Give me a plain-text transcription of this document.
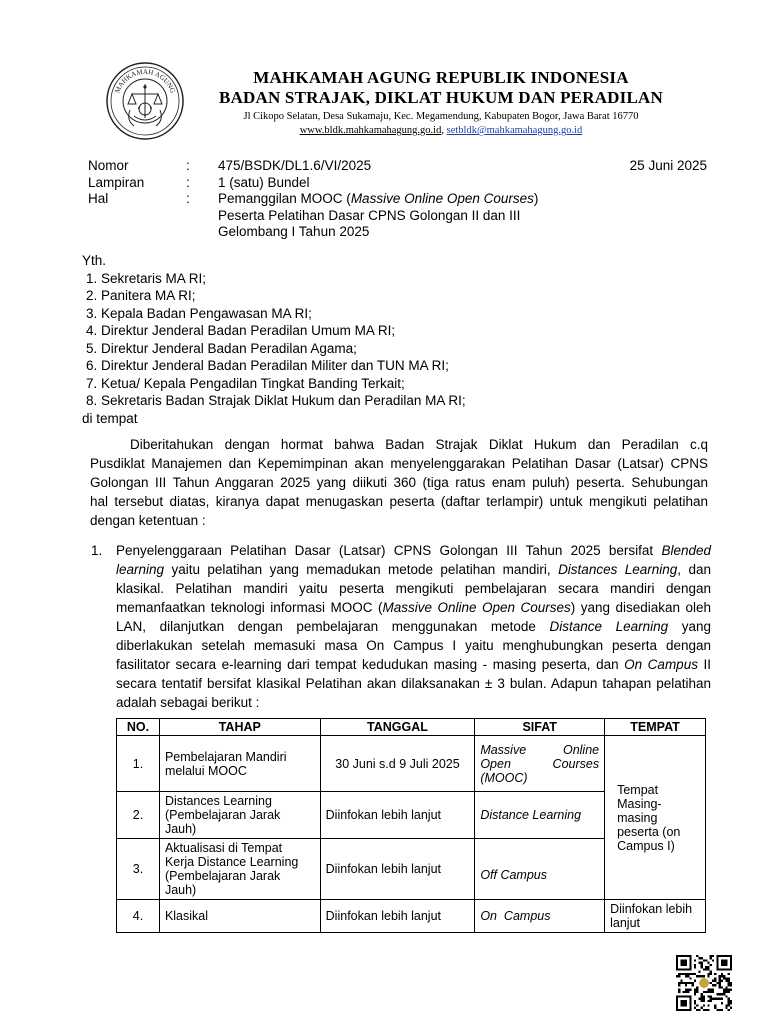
MAHKAMAH AGUNG
MAHKAMAH AGUNG REPUBLIK INDONESIA
BADAN STRAJAK, DIKLAT HUKUM DAN PERADILAN
Jl Cikopo Selatan, Desa Sukamaju, Kec. Megamendung, Kabupaten Bogor, Jawa Barat 16770
www.bldk.mahkamahagung.go.id, setbldk@mahkamahagung.go.id
Nomor	: 475/BSDK/DL1.6/VI/2025
Lampiran	: 1 (satu) Bundel
Hal	: Pemanggilan MOOC (Massive Online Open Courses)
Peserta Pelatihan Dasar CPNS Golongan II dan III
Gelombang I Tahun 2025
25 Juni 2025
Yth.
1. Sekretaris MA RI;
2. Panitera MA RI;
3. Kepala Badan Pengawasan MA RI;
4. Direktur Jenderal Badan Peradilan Umum MA RI;
5. Direktur Jenderal Badan Peradilan Agama;
6. Direktur Jenderal Badan Peradilan Militer dan TUN MA RI;
7. Ketua/ Kepala Pengadilan Tingkat Banding Terkait;
8. Sekretaris Badan Strajak Diklat Hukum dan Peradilan MA RI;
di tempat
Diberitahukan dengan hormat bahwa Badan Strajak Diklat Hukum dan Peradilan c.q
Pusdiklat Manajemen dan Kepemimpinan akan menyelenggarakan Pelatihan Dasar (Latsar) CPNS
Golongan III Tahun Anggaran 2025 yang diikuti 360 (tiga ratus enam puluh) peserta. Sehubungan
hal tersebut diatas, kiranya dapat menugaskan peserta (daftar terlampir) untuk mengikuti pelatihan
dengan ketentuan :
1. Penyelenggaraan Pelatihan Dasar (Latsar) CPNS Golongan III Tahun 2025 bersifat Blended
learning yaitu pelatihan yang memadukan metode pelatihan mandiri, Distances Learning, dan
klasikal. Pelatihan mandiri yaitu peserta mengikuti pembelajaran secara mandiri dengan
memanfaatkan teknologi informasi MOOC (Massive Online Open Courses) yang disediakan oleh
LAN, dilanjutkan dengan pembelajaran menggunakan metode Distance Learning yang
diberlakukan setelah memasuki masa On Campus I yaitu menghubungkan peserta dengan
fasilitator secara e-learning dari tempat kedudukan masing - masing peserta, dan On Campus II
secara tentatif bersifat klasikal Pelatihan akan dilaksanakan ± 3 bulan. Adapun tahapan pelatihan
adalah sebagai berikut :
NO.	TAHAP	TANGGAL	SIFAT	TEMPAT
1.	Pembelajaran Mandiri melalui MOOC	30 Juni s.d 9 Juli 2025	Massive Online Open Courses (MOOC)	Tempat Masing-masing peserta (on Campus I)
2.	Distances Learning (Pembelajaran Jarak Jauh)	Diinfokan lebih lanjut	Distance Learning	
3.	Aktualisasi di Tempat Kerja Distance Learning (Pembelajaran Jarak Jauh)	Diinfokan lebih lanjut	Off Campus	
4.	Klasikal	Diinfokan lebih lanjut	On  Campus	Diinfokan lebih lanjut
